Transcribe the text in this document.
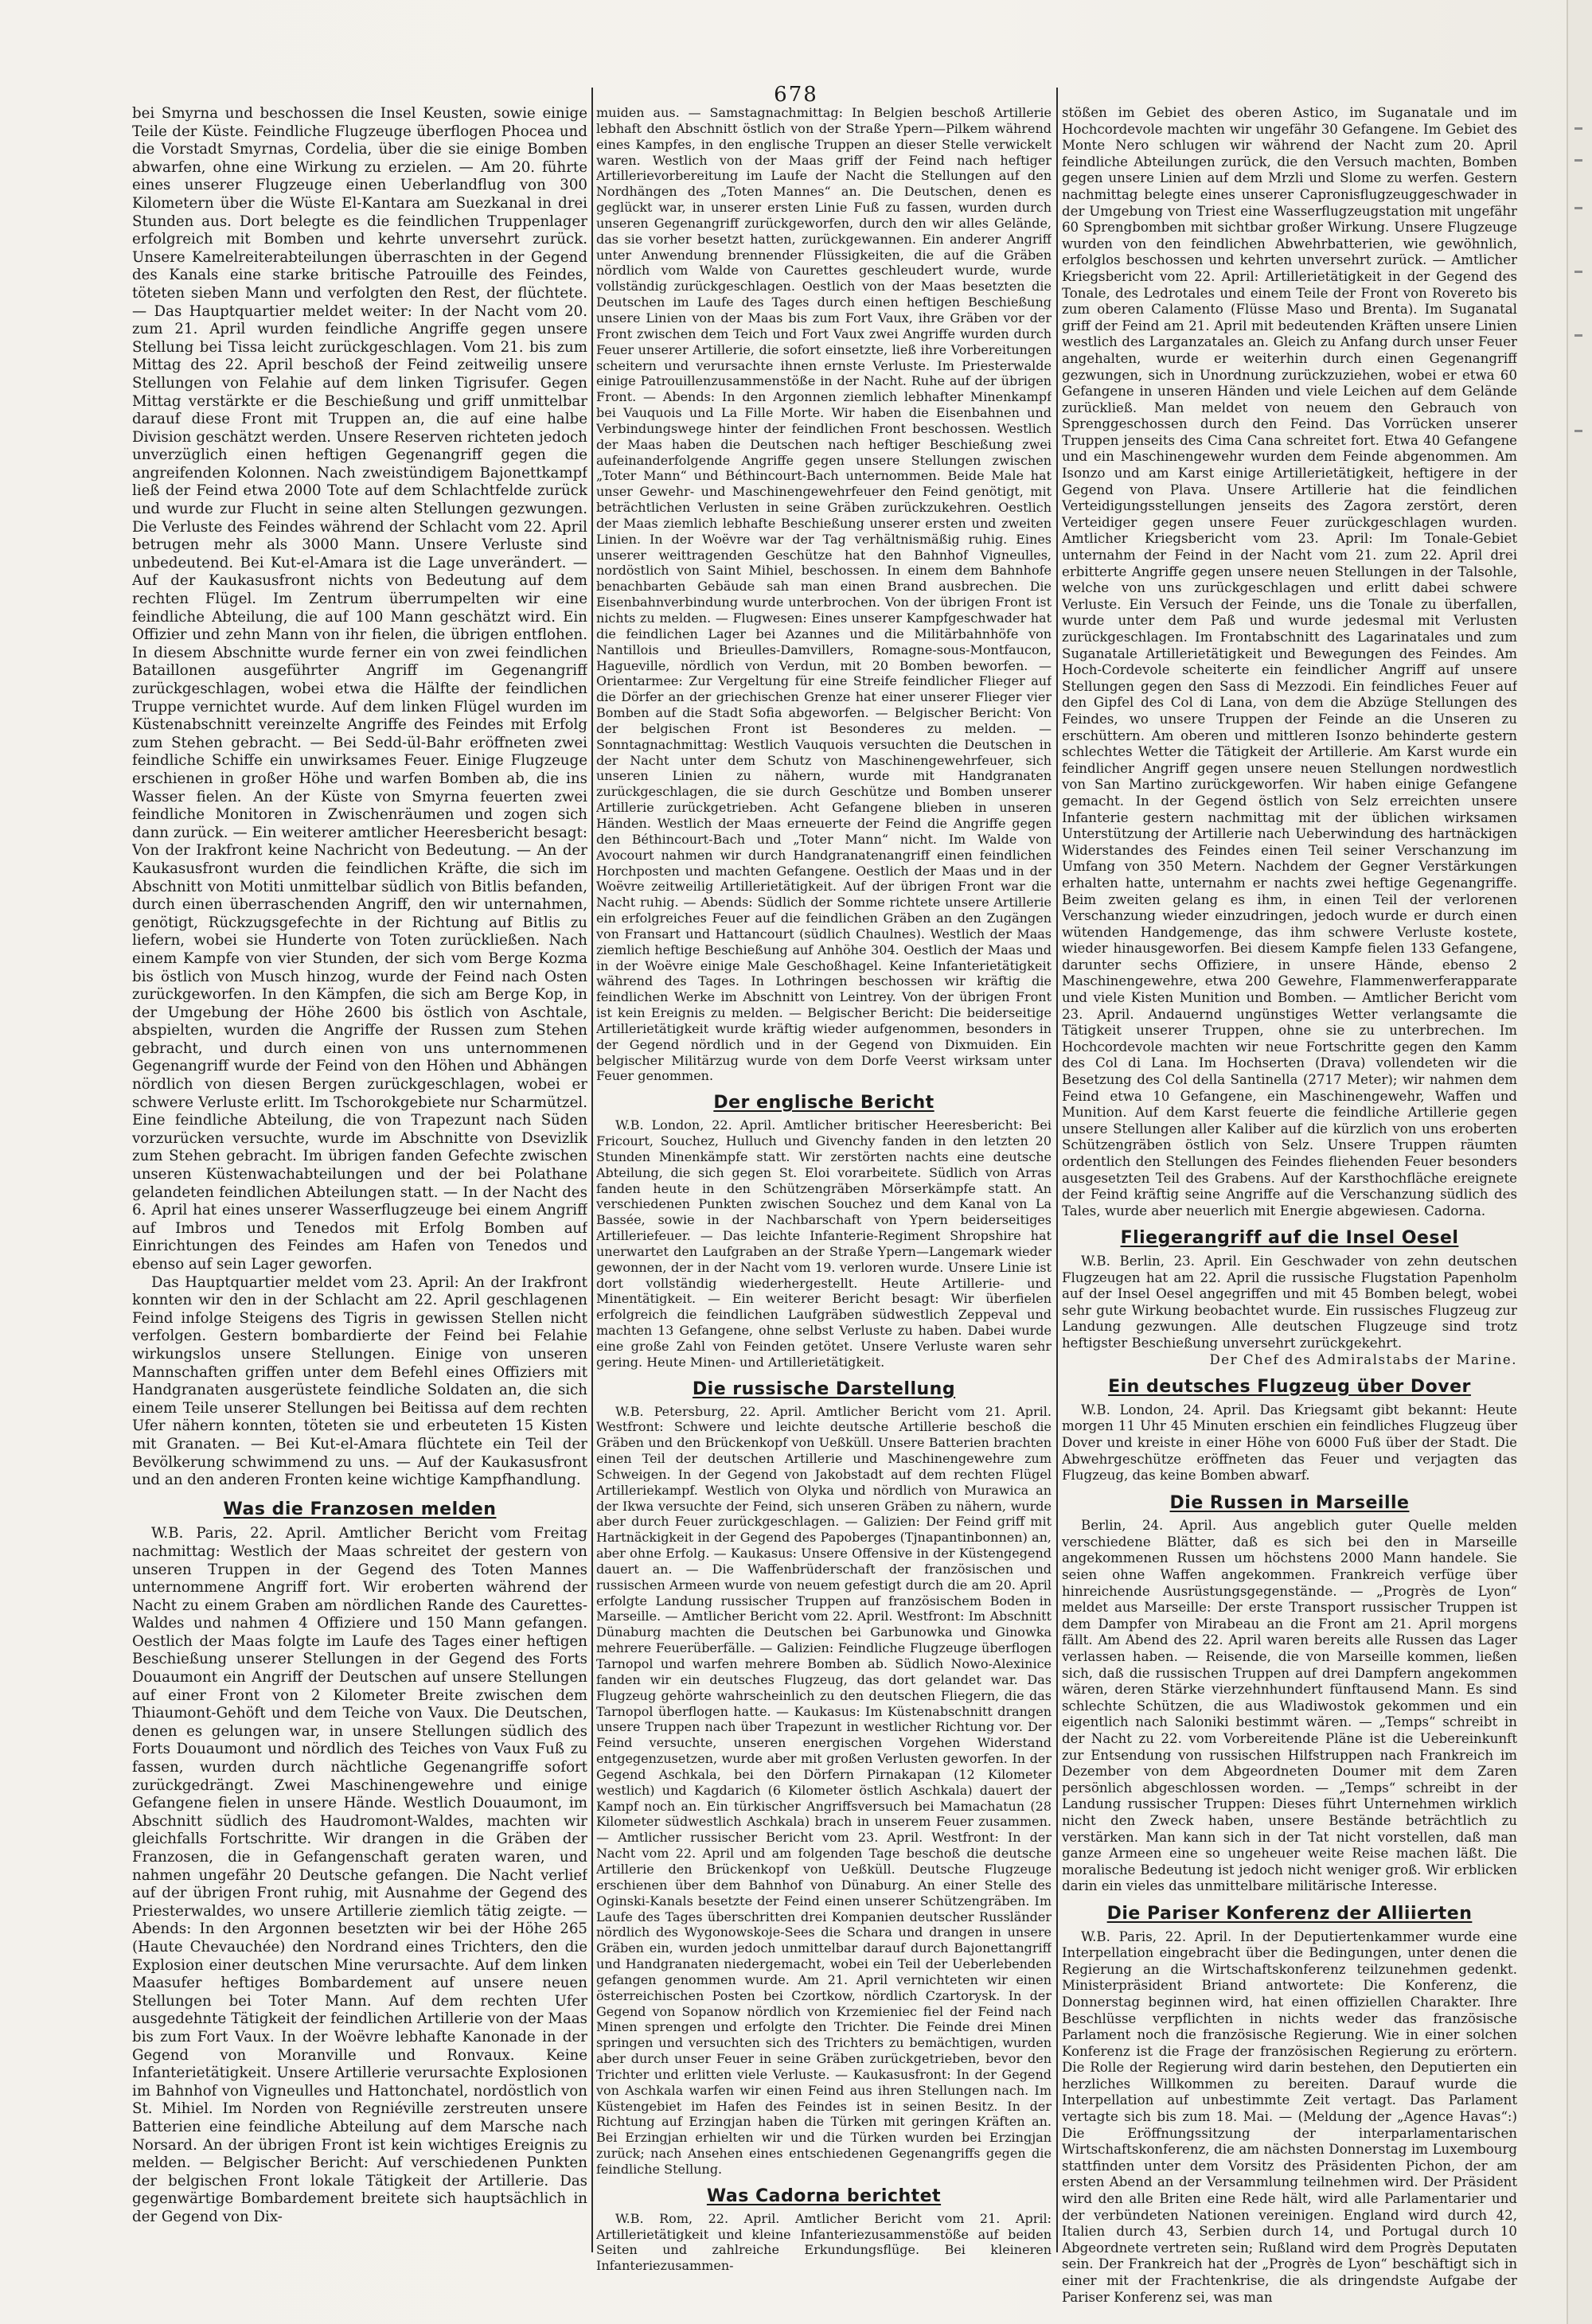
678

bei Smyrna und beschossen die Insel Keusten, sowie einige Teile der Küste. Feindliche Flugzeuge überflogen Phocea und die Vorstadt Smyrnas, Cordelia, über die sie einige Bomben abwarfen, ohne eine Wirkung zu erzielen. — Am 20. führte eines unserer Flugzeuge einen Ueberlandflug von 300 Kilometern über die Wüste El-Kantara am Suezkanal in drei Stunden aus. Dort belegte es die feindlichen Truppenlager erfolgreich mit Bomben und kehrte unversehrt zurück. Unsere Kamelreiterabteilungen überraschten in der Gegend des Kanals eine starke britische Patrouille des Feindes, töteten sieben Mann und verfolgten den Rest, der flüchtete. — Das Hauptquartier meldet weiter: In der Nacht vom 20. zum 21. April wurden feindliche Angriffe gegen unsere Stellung bei Tissa leicht zurückgeschlagen. Vom 21. bis zum Mittag des 22. April beschoß der Feind zeitweilig unsere Stellungen von Felahie auf dem linken Tigrisufer. Gegen Mittag verstärkte er die Beschießung und griff unmittelbar darauf diese Front mit Truppen an, die auf eine halbe Division geschätzt werden. Unsere Reserven richteten jedoch unverzüglich einen heftigen Gegenangriff gegen die angreifenden Kolonnen. Nach zweistündigem Bajonettkampf ließ der Feind etwa 2000 Tote auf dem Schlachtfelde zurück und wurde zur Flucht in seine alten Stellungen gezwungen. Die Verluste des Feindes während der Schlacht vom 22. April betrugen mehr als 3000 Mann. Unsere Verluste sind unbedeutend. Bei Kut-el-Amara ist die Lage unverändert. — Auf der Kaukasusfront nichts von Bedeutung auf dem rechten Flügel. Im Zentrum überrumpelten wir eine feindliche Abteilung, die auf 100 Mann geschätzt wird. Ein Offizier und zehn Mann von ihr fielen, die übrigen entflohen. In diesem Abschnitte wurde ferner ein von zwei feindlichen Bataillonen ausgeführter Angriff im Gegenangriff zurückgeschlagen, wobei etwa die Hälfte der feindlichen Truppe vernichtet wurde. Auf dem linken Flügel wurden im Küstenabschnitt vereinzelte Angriffe des Feindes mit Erfolg zum Stehen gebracht. — Bei Sedd-ül-Bahr eröffneten zwei feindliche Schiffe ein unwirksames Feuer. Einige Flugzeuge erschienen in großer Höhe und warfen Bomben ab, die ins Wasser fielen. An der Küste von Smyrna feuerten zwei feindliche Monitoren in Zwischenräumen und zogen sich dann zurück. — Ein weiterer amtlicher Heeresbericht besagt: Von der Irakfront keine Nachricht von Bedeutung. — An der Kaukasusfront wurden die feindlichen Kräfte, die sich im Abschnitt von Motiti unmittelbar südlich von Bitlis befanden, durch einen überraschenden Angriff, den wir unternahmen, genötigt, Rückzugsgefechte in der Richtung auf Bitlis zu liefern, wobei sie Hunderte von Toten zurückließen. Nach einem Kampfe von vier Stunden, der sich vom Berge Kozma bis östlich von Musch hinzog, wurde der Feind nach Osten zurückgeworfen. In den Kämpfen, die sich am Berge Kop, in der Umgebung der Höhe 2600 bis östlich von Aschtale, abspielten, wurden die Angriffe der Russen zum Stehen gebracht, und durch einen von uns unternommenen Gegenangriff wurde der Feind von den Höhen und Abhängen nördlich von diesen Bergen zurückgeschlagen, wobei er schwere Verluste erlitt. Im Tschorokgebiete nur Scharmützel. Eine feindliche Abteilung, die von Trapezunt nach Süden vorzurücken versuchte, wurde im Abschnitte von Dsevizlik zum Stehen gebracht. Im übrigen fanden Gefechte zwischen unseren Küstenwachabteilungen und der bei Polathane gelandeten feindlichen Abteilungen statt. — In der Nacht des 6. April hat eines unserer Wasserflugzeuge bei einem Angriff auf Imbros und Tenedos mit Erfolg Bomben auf Einrichtungen des Feindes am Hafen von Tenedos und ebenso auf sein Lager geworfen.

Das Hauptquartier meldet vom 23. April: An der Irakfront konnten wir den in der Schlacht am 22. April geschlagenen Feind infolge Steigens des Tigris in gewissen Stellen nicht verfolgen. Gestern bombardierte der Feind bei Felahie wirkungslos unsere Stellungen. Einige von unseren Mannschaften griffen unter dem Befehl eines Offiziers mit Handgranaten ausgerüstete feindliche Soldaten an, die sich einem Teile unserer Stellungen bei Beitissa auf dem rechten Ufer nähern konnten, töteten sie und erbeuteten 15 Kisten mit Granaten. — Bei Kut-el-Amara flüchtete ein Teil der Bevölkerung schwimmend zu uns. — Auf der Kaukasusfront und an den anderen Fronten keine wichtige Kampfhandlung.

Was die Franzosen melden

W.B. Paris, 22. April. Amtlicher Bericht vom Freitag nachmittag: Westlich der Maas schreitet der gestern von unseren Truppen in der Gegend des Toten Mannes unternommene Angriff fort. Wir eroberten während der Nacht zu einem Graben am nördlichen Rande des Caurettes-Waldes und nahmen 4 Offiziere und 150 Mann gefangen. Oestlich der Maas folgte im Laufe des Tages einer heftigen Beschießung unserer Stellungen in der Gegend des Forts Douaumont ein Angriff der Deutschen auf unsere Stellungen auf einer Front von 2 Kilometer Breite zwischen dem Thiaumont-Gehöft und dem Teiche von Vaux. Die Deutschen, denen es gelungen war, in unsere Stellungen südlich des Forts Douaumont und nördlich des Teiches von Vaux Fuß zu fassen, wurden durch nächtliche Gegenangriffe sofort zurückgedrängt. Zwei Maschinengewehre und einige Gefangene fielen in unsere Hände. Westlich Douaumont, im Abschnitt südlich des Haudromont-Waldes, machten wir gleichfalls Fortschritte. Wir drangen in die Gräben der Franzosen, die in Gefangenschaft geraten waren, und nahmen ungefähr 20 Deutsche gefangen. Die Nacht verlief auf der übrigen Front ruhig, mit Ausnahme der Gegend des Priesterwaldes, wo unsere Artillerie ziemlich tätig zeigte. — Abends: In den Argonnen besetzten wir bei der Höhe 265 (Haute Chevauchée) den Nordrand eines Trichters, den die Explosion einer deutschen Mine verursachte. Auf dem linken Maasufer heftiges Bombardement auf unsere neuen Stellungen bei Toter Mann. Auf dem rechten Ufer ausgedehnte Tätigkeit der feindlichen Artillerie von der Maas bis zum Fort Vaux. In der Woëvre lebhafte Kanonade in der Gegend von Moranville und Ronvaux. Keine Infanterietätigkeit. Unsere Artillerie verursachte Explosionen im Bahnhof von Vigneulles und Hattonchatel, nordöstlich von St. Mihiel. Im Norden von Regniéville zerstreuten unsere Batterien eine feindliche Abteilung auf dem Marsche nach Norsard. An der übrigen Front ist kein wichtiges Ereignis zu melden. — Belgischer Bericht: Auf verschiedenen Punkten der belgischen Front lokale Tätigkeit der Artillerie. Das gegenwärtige Bombardement breitete sich hauptsächlich in der Gegend von Dix-

muiden aus. — Samstagnachmittag: In Belgien beschoß Artillerie lebhaft den Abschnitt östlich von der Straße Ypern—Pilkem während eines Kampfes, in den englische Truppen an dieser Stelle verwickelt waren. Westlich von der Maas griff der Feind nach heftiger Artillerievorbereitung im Laufe der Nacht die Stellungen auf den Nordhängen des „Toten Mannes“ an. Die Deutschen, denen es geglückt war, in unserer ersten Linie Fuß zu fassen, wurden durch unseren Gegenangriff zurückgeworfen, durch den wir alles Gelände, das sie vorher besetzt hatten, zurückgewannen. Ein anderer Angriff unter Anwendung brennender Flüssigkeiten, die auf die Gräben nördlich vom Walde von Caurettes geschleudert wurde, wurde vollständig zurückgeschlagen. Oestlich von der Maas besetzten die Deutschen im Laufe des Tages durch einen heftigen Beschießung unsere Linien von der Maas bis zum Fort Vaux, ihre Gräben vor der Front zwischen dem Teich und Fort Vaux zwei Angriffe wurden durch Feuer unserer Artillerie, die sofort einsetzte, ließ ihre Vorbereitungen scheitern und verursachte ihnen ernste Verluste. Im Priesterwalde einige Patrouillenzusammenstöße in der Nacht. Ruhe auf der übrigen Front. — Abends: In den Argonnen ziemlich lebhafter Minenkampf bei Vauquois und La Fille Morte. Wir haben die Eisenbahnen und Verbindungswege hinter der feindlichen Front beschossen. Westlich der Maas haben die Deutschen nach heftiger Beschießung zwei aufeinanderfolgende Angriffe gegen unsere Stellungen zwischen „Toter Mann“ und Béthincourt-Bach unternommen. Beide Male hat unser Gewehr- und Maschinengewehrfeuer den Feind genötigt, mit beträchtlichen Verlusten in seine Gräben zurückzukehren. Oestlich der Maas ziemlich lebhafte Beschießung unserer ersten und zweiten Linien. In der Woëvre war der Tag verhältnismäßig ruhig. Eines unserer weittragenden Geschütze hat den Bahnhof Vigneulles, nordöstlich von Saint Mihiel, beschossen. In einem dem Bahnhofe benachbarten Gebäude sah man einen Brand ausbrechen. Die Eisenbahnverbindung wurde unterbrochen. Von der übrigen Front ist nichts zu melden. — Flugwesen: Eines unserer Kampfgeschwader hat die feindlichen Lager bei Azannes und die Militärbahnhöfe von Nantillois und Brieulles-Damvillers, Romagne-sous-Montfaucon, Hagueville, nördlich von Verdun, mit 20 Bomben beworfen. — Orientarmee: Zur Vergeltung für eine Streife feindlicher Flieger auf die Dörfer an der griechischen Grenze hat einer unserer Flieger vier Bomben auf die Stadt Sofia abgeworfen. — Belgischer Bericht: Von der belgischen Front ist Besonderes zu melden. — Sonntagnachmittag: Westlich Vauquois versuchten die Deutschen in der Nacht unter dem Schutz von Maschinengewehrfeuer, sich unseren Linien zu nähern, wurde mit Handgranaten zurückgeschlagen, die sie durch Geschütze und Bomben unserer Artillerie zurückgetrieben. Acht Gefangene blieben in unseren Händen. Westlich der Maas erneuerte der Feind die Angriffe gegen den Béthincourt-Bach und „Toter Mann“ nicht. Im Walde von Avocourt nahmen wir durch Handgranatenangriff einen feindlichen Horchposten und machten Gefangene. Oestlich der Maas und in der Woëvre zeitweilig Artillerietätigkeit. Auf der übrigen Front war die Nacht ruhig. — Abends: Südlich der Somme richtete unsere Artillerie ein erfolgreiches Feuer auf die feindlichen Gräben an den Zugängen von Fransart und Hattancourt (südlich Chaulnes). Westlich der Maas ziemlich heftige Beschießung auf Anhöhe 304. Oestlich der Maas und in der Woëvre einige Male Geschoßhagel. Keine Infanterietätigkeit während des Tages. In Lothringen beschossen wir kräftig die feindlichen Werke im Abschnitt von Leintrey. Von der übrigen Front ist kein Ereignis zu melden. — Belgischer Bericht: Die beiderseitige Artillerietätigkeit wurde kräftig wieder aufgenommen, besonders in der Gegend nördlich und in der Gegend von Dixmuiden. Ein belgischer Militärzug wurde von dem Dorfe Veerst wirksam unter Feuer genommen.

Der englische Bericht

W.B. London, 22. April. Amtlicher britischer Heeresbericht: Bei Fricourt, Souchez, Hulluch und Givenchy fanden in den letzten 20 Stunden Minenkämpfe statt. Wir zerstörten nachts eine deutsche Abteilung, die sich gegen St. Eloi vorarbeitete. Südlich von Arras fanden heute in den Schützengräben Mörserkämpfe statt. An verschiedenen Punkten zwischen Souchez und dem Kanal von La Bassée, sowie in der Nachbarschaft von Ypern beiderseitiges Artilleriefeuer. — Das leichte Infanterie-Regiment Shropshire hat unerwartet den Laufgraben an der Straße Ypern—Langemark wieder gewonnen, der in der Nacht vom 19. verloren wurde. Unsere Linie ist dort vollständig wiederhergestellt. Heute Artillerie- und Minentätigkeit. — Ein weiterer Bericht besagt: Wir überfielen erfolgreich die feindlichen Laufgräben südwestlich Zeppeval und machten 13 Gefangene, ohne selbst Verluste zu haben. Dabei wurde eine große Zahl von Feinden getötet. Unsere Verluste waren sehr gering. Heute Minen- und Artillerietätigkeit.

Die russische Darstellung

W.B. Petersburg, 22. April. Amtlicher Bericht vom 21. April. Westfront: Schwere und leichte deutsche Artillerie beschoß die Gräben und den Brückenkopf von Ueßküll. Unsere Batterien brachten einen Teil der deutschen Artillerie und Maschinengewehre zum Schweigen. In der Gegend von Jakobstadt auf dem rechten Flügel Artilleriekampf. Westlich von Olyka und nördlich von Murawica an der Ikwa versuchte der Feind, sich unseren Gräben zu nähern, wurde aber durch Feuer zurückgeschlagen. — Galizien: Der Feind griff mit Hartnäckigkeit in der Gegend des Papoberges (Tjnapantinbonnen) an, aber ohne Erfolg. — Kaukasus: Unsere Offensive in der Küstengegend dauert an. — Die Waffenbrüderschaft der französischen und russischen Armeen wurde von neuem gefestigt durch die am 20. April erfolgte Landung russischer Truppen auf französischem Boden in Marseille. — Amtlicher Bericht vom 22. April. Westfront: Im Abschnitt Dünaburg machten die Deutschen bei Garbunowka und Ginowka mehrere Feuerüberfälle. — Galizien: Feindliche Flugzeuge überflogen Tarnopol und warfen mehrere Bomben ab. Südlich Nowo-Alexinice fanden wir ein deutsches Flugzeug, das dort gelandet war. Das Flugzeug gehörte wahrscheinlich zu den deutschen Fliegern, die das Tarnopol überflogen hatte. — Kaukasus: Im Küstenabschnitt drangen unsere Truppen nach über Trapezunt in westlicher Richtung vor. Der Feind versuchte, unseren energischen Vorgehen Widerstand entgegenzusetzen, wurde aber mit großen Verlusten geworfen. In der Gegend Aschkala, bei den Dörfern Pirnakapan (12 Kilometer westlich) und Kagdarich (6 Kilometer östlich Aschkala) dauert der Kampf noch an. Ein türkischer Angriffsversuch bei Mamachatun (28 Kilometer südwestlich Aschkala) brach in unserem Feuer zusammen. — Amtlicher russischer Bericht vom 23. April. Westfront: In der Nacht vom 22. April und am folgenden Tage beschoß die deutsche Artillerie den Brückenkopf von Ueßküll. Deutsche Flugzeuge erschienen über dem Bahnhof von Dünaburg. An einer Stelle des Oginski-Kanals besetzte der Feind einen unserer Schützengräben. Im Laufe des Tages überschritten drei Kompanien deutscher Russländer nördlich des Wygonowskoje-Sees die Schara und drangen in unsere Gräben ein, wurden jedoch unmittelbar darauf durch Bajonettangriff und Handgranaten niedergemacht, wobei ein Teil der Ueberlebenden gefangen genommen wurde. Am 21. April vernichteten wir einen österreichischen Posten bei Czortkow, nördlich Czartorysk. In der Gegend von Sopanow nördlich von Krzemieniec fiel der Feind nach Minen sprengen und erfolgte den Trichter. Die Feinde drei Minen springen und versuchten sich des Trichters zu bemächtigen, wurden aber durch unser Feuer in seine Gräben zurückgetrieben, bevor den Trichter und erlitten viele Verluste. — Kaukasusfront: In der Gegend von Aschkala warfen wir einen Feind aus ihren Stellungen nach. Im Küstengebiet im Hafen des Feindes ist in seinen Besitz. In der Richtung auf Erzingjan haben die Türken mit geringen Kräften an. Bei Erzingjan erhielten wir und die Türken wurden bei Erzingjan zurück; nach Ansehen eines entschiedenen Gegenangriffs gegen die feindliche Stellung.

Was Cadorna berichtet

W.B. Rom, 22. April. Amtlicher Bericht vom 21. April: Artillerietätigkeit und kleine Infanteriezusammenstöße auf beiden Seiten und zahlreiche Erkundungsflüge. Bei kleineren Infanteriezusammen-

stößen im Gebiet des oberen Astico, im Suganatale und im Hochcordevole machten wir ungefähr 30 Gefangene. Im Gebiet des Monte Nero schlugen wir während der Nacht zum 20. April feindliche Abteilungen zurück, die den Versuch machten, Bomben gegen unsere Linien auf dem Mrzli und Slome zu werfen. Gestern nachmittag belegte eines unserer Capronisflugzeuggeschwader in der Umgebung von Triest eine Wasserflugzeugstation mit ungefähr 60 Sprengbomben mit sichtbar großer Wirkung. Unsere Flugzeuge wurden von den feindlichen Abwehrbatterien, wie gewöhnlich, erfolglos beschossen und kehrten unversehrt zurück. — Amtlicher Kriegsbericht vom 22. April: Artillerietätigkeit in der Gegend des Tonale, des Ledrotales und einem Teile der Front von Rovereto bis zum oberen Calamento (Flüsse Maso und Brenta). Im Suganatal griff der Feind am 21. April mit bedeutenden Kräften unsere Linien westlich des Larganzatales an. Gleich zu Anfang durch unser Feuer angehalten, wurde er weiterhin durch einen Gegenangriff gezwungen, sich in Unordnung zurückzuziehen, wobei er etwa 60 Gefangene in unseren Händen und viele Leichen auf dem Gelände zurückließ. Man meldet von neuem den Gebrauch von Sprenggeschossen durch den Feind. Das Vorrücken unserer Truppen jenseits des Cima Cana schreitet fort. Etwa 40 Gefangene und ein Maschinengewehr wurden dem Feinde abgenommen. Am Isonzo und am Karst einige Artillerietätigkeit, heftigere in der Gegend von Plava. Unsere Artillerie hat die feindlichen Verteidigungsstellungen jenseits des Zagora zerstört, deren Verteidiger gegen unsere Feuer zurückgeschlagen wurden. Amtlicher Kriegsbericht vom 23. April: Im Tonale-Gebiet unternahm der Feind in der Nacht vom 21. zum 22. April drei erbitterte Angriffe gegen unsere neuen Stellungen in der Talsohle, welche von uns zurückgeschlagen und erlitt dabei schwere Verluste. Ein Versuch der Feinde, uns die Tonale zu überfallen, wurde unter dem Paß und wurde jedesmal mit Verlusten zurückgeschlagen. Im Frontabschnitt des Lagarinatales und zum Suganatale Artillerietätigkeit und Bewegungen des Feindes. Am Hoch-Cordevole scheiterte ein feindlicher Angriff auf unsere Stellungen gegen den Sass di Mezzodi. Ein feindliches Feuer auf den Gipfel des Col di Lana, von dem die Abzüge Stellungen des Feindes, wo unsere Truppen der Feinde an die Unseren zu erschüttern. Am oberen und mittleren Isonzo behinderte gestern schlechtes Wetter die Tätigkeit der Artillerie. Am Karst wurde ein feindlicher Angriff gegen unsere neuen Stellungen nordwestlich von San Martino zurückgeworfen. Wir haben einige Gefangene gemacht. In der Gegend östlich von Selz erreichten unsere Infanterie gestern nachmittag mit der üblichen wirksamen Unterstützung der Artillerie nach Ueberwindung des hartnäckigen Widerstandes des Feindes einen Teil seiner Verschanzung im Umfang von 350 Metern. Nachdem der Gegner Verstärkungen erhalten hatte, unternahm er nachts zwei heftige Gegenangriffe. Beim zweiten gelang es ihm, in einen Teil der verlorenen Verschanzung wieder einzudringen, jedoch wurde er durch einen wütenden Handgemenge, das ihm schwere Verluste kostete, wieder hinausgeworfen. Bei diesem Kampfe fielen 133 Gefangene, darunter sechs Offiziere, in unsere Hände, ebenso 2 Maschinengewehre, etwa 200 Gewehre, Flammenwerferapparate und viele Kisten Munition und Bomben. — Amtlicher Bericht vom 23. April. Andauernd ungünstiges Wetter verlangsamte die Tätigkeit unserer Truppen, ohne sie zu unterbrechen. Im Hochcordevole machten wir neue Fortschritte gegen den Kamm des Col di Lana. Im Hochserten (Drava) vollendeten wir die Besetzung des Col della Santinella (2717 Meter); wir nahmen dem Feind etwa 10 Gefangene, ein Maschinengewehr, Waffen und Munition. Auf dem Karst feuerte die feindliche Artillerie gegen unsere Stellungen aller Kaliber auf die kürzlich von uns eroberten Schützengräben östlich von Selz. Unsere Truppen räumten ordentlich den Stellungen des Feindes fliehenden Feuer besonders ausgesetzten Teil des Grabens. Auf der Karsthochfläche ereignete der Feind kräftig seine Angriffe auf die Verschanzung südlich des Tales, wurde aber neuerlich mit Energie abgewiesen. Cadorna.

Fliegerangriff auf die Insel Oesel

W.B. Berlin, 23. April. Ein Geschwader von zehn deutschen Flugzeugen hat am 22. April die russische Flugstation Papenholm auf der Insel Oesel angegriffen und mit 45 Bomben belegt, wobei sehr gute Wirkung beobachtet wurde. Ein russisches Flugzeug zur Landung gezwungen. Alle deutschen Flugzeuge sind trotz heftigster Beschießung unversehrt zurückgekehrt.

Der Chef des Admiralstabs der Marine.

Ein deutsches Flugzeug über Dover

W.B. London, 24. April. Das Kriegsamt gibt bekannt: Heute morgen 11 Uhr 45 Minuten erschien ein feindliches Flugzeug über Dover und kreiste in einer Höhe von 6000 Fuß über der Stadt. Die Abwehrgeschütze eröffneten das Feuer und verjagten das Flugzeug, das keine Bomben abwarf.

Die Russen in Marseille

Berlin, 24. April. Aus angeblich guter Quelle melden verschiedene Blätter, daß es sich bei den in Marseille angekommenen Russen um höchstens 2000 Mann handele. Sie seien ohne Waffen angekommen. Frankreich verfüge über hinreichende Ausrüstungsgegenstände. — „Progrès de Lyon“ meldet aus Marseille: Der erste Transport russischer Truppen ist dem Dampfer von Mirabeau an die Front am 21. April morgens fällt. Am Abend des 22. April waren bereits alle Russen das Lager verlassen haben. — Reisende, die von Marseille kommen, ließen sich, daß die russischen Truppen auf drei Dampfern angekommen wären, deren Stärke vierzehnhundert fünftausend Mann. Es sind schlechte Schützen, die aus Wladiwostok gekommen und ein eigentlich nach Saloniki bestimmt wären. — „Temps“ schreibt in der Nacht zu 22. vom Vorbereitende Pläne ist die Uebereinkunft zur Entsendung von russischen Hilfstruppen nach Frankreich im Dezember von dem Abgeordneten Doumer mit dem Zaren persönlich abgeschlossen worden. — „Temps“ schreibt in der Landung russischer Truppen: Dieses führt Unternehmen wirklich nicht den Zweck haben, unsere Bestände beträchtlich zu verstärken. Man kann sich in der Tat nicht vorstellen, daß man ganze Armeen eine so ungeheuer weite Reise machen läßt. Die moralische Bedeutung ist jedoch nicht weniger groß. Wir erblicken darin ein vieles das unmittelbare militärische Interesse.

Die Pariser Konferenz der Alliierten

W.B. Paris, 22. April. In der Deputiertenkammer wurde eine Interpellation eingebracht über die Bedingungen, unter denen die Regierung an die Wirtschaftskonferenz teilzunehmen gedenkt. Ministerpräsident Briand antwortete: Die Konferenz, die Donnerstag beginnen wird, hat einen offiziellen Charakter. Ihre Beschlüsse verpflichten in nichts weder das französische Parlament noch die französische Regierung. Wie in einer solchen Konferenz ist die Frage der französischen Regierung zu erörtern. Die Rolle der Regierung wird darin bestehen, den Deputierten ein herzliches Willkommen zu bereiten. Darauf wurde die Interpellation auf unbestimmte Zeit vertagt. Das Parlament vertagte sich bis zum 18. Mai. — (Meldung der „Agence Havas“:) Die Eröffnungssitzung der interparlamentarischen Wirtschaftskonferenz, die am nächsten Donnerstag im Luxembourg stattfinden unter dem Vorsitz des Präsidenten Pichon, der am ersten Abend an der Versammlung teilnehmen wird. Der Präsident wird den alle Briten eine Rede hält, wird alle Parlamentarier und der verbündeten Nationen vereinigen. England wird durch 42, Italien durch 43, Serbien durch 14, und Portugal durch 10 Abgeordnete vertreten sein; Rußland wird dem Progrès Deputaten sein. Der Frankreich hat der „Progrès de Lyon“ beschäftigt sich in einer mit der Frachtenkrise, die als dringendste Aufgabe der Pariser Konferenz sei, was man
